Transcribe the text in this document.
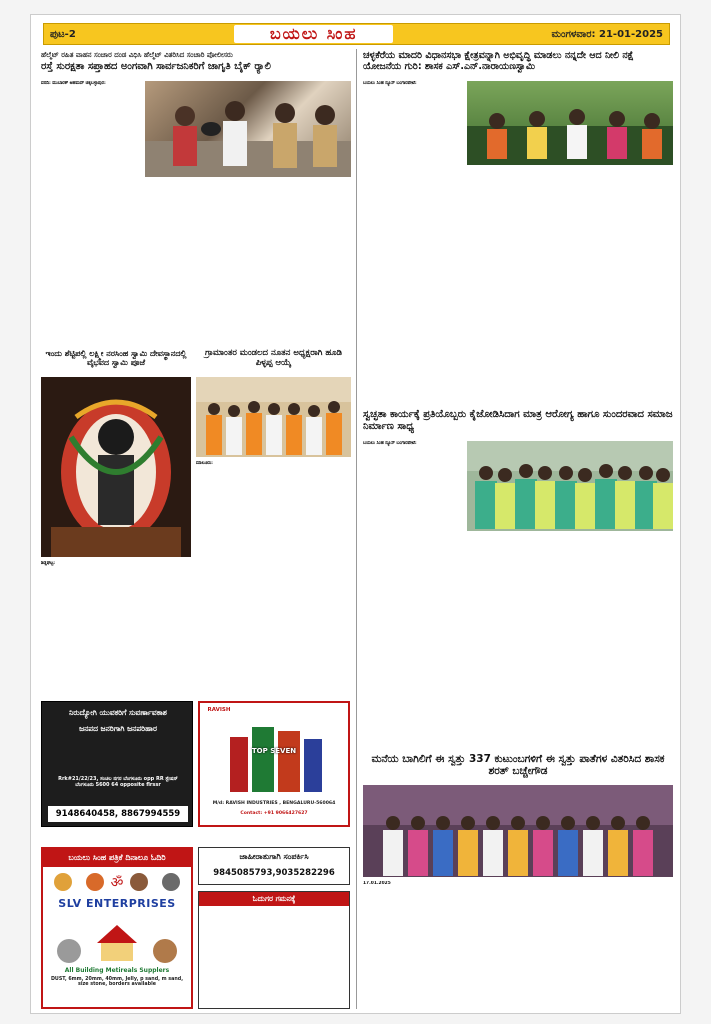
ಪುಟ-2	ಬಯಲು ಸಿಂಹ	ಮಂಗಳವಾರ: 21-01-2025
ಹೆಲ್ಮೆಟ್ ರಹಿತ ವಾಹನ ಸಂಚಾರ ದಂಡ ವಿಧಿಸಿ ಹೆಲ್ಮೆಟ್ ವಿತರಿಸಿದ ಸಂಚಾರಿ ಪೋಲೀಸರು
ರಸ್ತೆ ಸುರಕ್ಷತಾ ಸಪ್ತಾಹದ ಅಂಗವಾಗಿ ಸಾರ್ವಜನಿಕರಿಗೆ ಜಾಗೃತಿ ಬೈಕ್ ರ್‍ಯಾಲಿ
ವರದಿ: ಮುಬಾರಕ್ ಅಹಮದ್ ಚಿಕ್ಕಬಳ್ಳಾಪುರ:
ಚಳ್ಳಕೆರೆಯ ಮಾದರಿ ವಿಧಾನಸಭಾ ಕ್ಷೇತ್ರವನ್ನಾಗಿ ಅಭಿವೃದ್ಧಿ ಮಾಡಲು ನನ್ನದೇ ಆದ ನೀಲಿ ನಕ್ಷೆ ಯೋಜನೆಯ ಗುರಿ: ಶಾಸಕ ಎಸ್.ಎನ್.ನಾರಾಯಣಸ್ವಾಮಿ
ಬಯಲು ಸಿಂಹ ನ್ಯೂಸ್ ಬಂಗಾರಪೇಟೆ:
ಇಂದು ಶೆಟ್ಟಿಪಲ್ಲಿ ಲಕ್ಷ್ಮೀ ನರಸಿಂಹ ಸ್ವಾಮಿ ದೇವಸ್ಥಾನದಲ್ಲಿ ವೈಭವದ ಸ್ವಾಮಿ ಪೂಜೆ
ಶಿಡ್ಲಘಟ್ಟ:
ಗ್ರಾಮಾಂತರ ಮಂಡಲದ ನೂತನ ಅಧ್ಯಕ್ಷರಾಗಿ ಹೂಡಿ ಪಿಳ್ಳಪ್ಪ ಆಯ್ಕೆ
ಮಾಲೂರು:
ಸ್ವಚ್ಛತಾ ಕಾರ್ಯಕ್ಕೆ ಪ್ರತಿಯೊಬ್ಬರು ಕೈಜೋಡಿಸಿದಾಗ ಮಾತ್ರ ಆರೋಗ್ಯ ಹಾಗೂ ಸುಂದರವಾದ ಸಮಾಜ ನಿರ್ಮಾಣ ಸಾಧ್ಯ
ಬಯಲು ಸಿಂಹ ನ್ಯೂಸ್ ಬಂಗಾರಪೇಟೆ:
ಮನೆಯ ಬಾಗಿಲಿಗೆ ಈ ಸ್ವತ್ತು 337 ಕುಟುಂಬಗಳಿಗೆ ಈ ಸ್ವತ್ತು ಪಾತೆಗಳ ವಿತರಿಸಿದ ಶಾಸಕ ಶರತ್ ಬಚ್ಚೇಗೌಡ
17.01.2025
ನಿರುದ್ಯೋಗಿ ಯುವಕರಿಗೆ ಸುವರ್ಣಾವಕಾಶ
ಜನಪದ ಜನರಿಗಾಗಿ ಜನಪರಿಹಾರ
Rrk#21/22/23, ಸಂಚಲ ನಗರ ಬೆಂಗಳೂರು opp RR ಸ್ಟೇಷನ್ ಬೆಂಗಳೂರು 5600 64 opposite flrssr
9148640458, 8867994559
RAVISH
TOP SEVEN
M/d: RAVISH INDUSTRIES , BENGALURU-560064
Contact: +91 9066427627
ಬಯಲು ಸಿಂಹ ಪತ್ರಿಕೆ ದಿನಾಲೂ ಓದಿರಿ
ॐ
SLV ENTERPRISES
All Building Metireals Supplers
DUST, 6mm, 20mm, 40mm, Jelly, p sand, m sand, size stone, borders available
ಜಾಹೀರಾತುಗಾಗಿ ಸಂಪರ್ಕಿಸಿ
9845085793,9035282296
ಓದುಗರ ಗಮನಕ್ಕೆ
